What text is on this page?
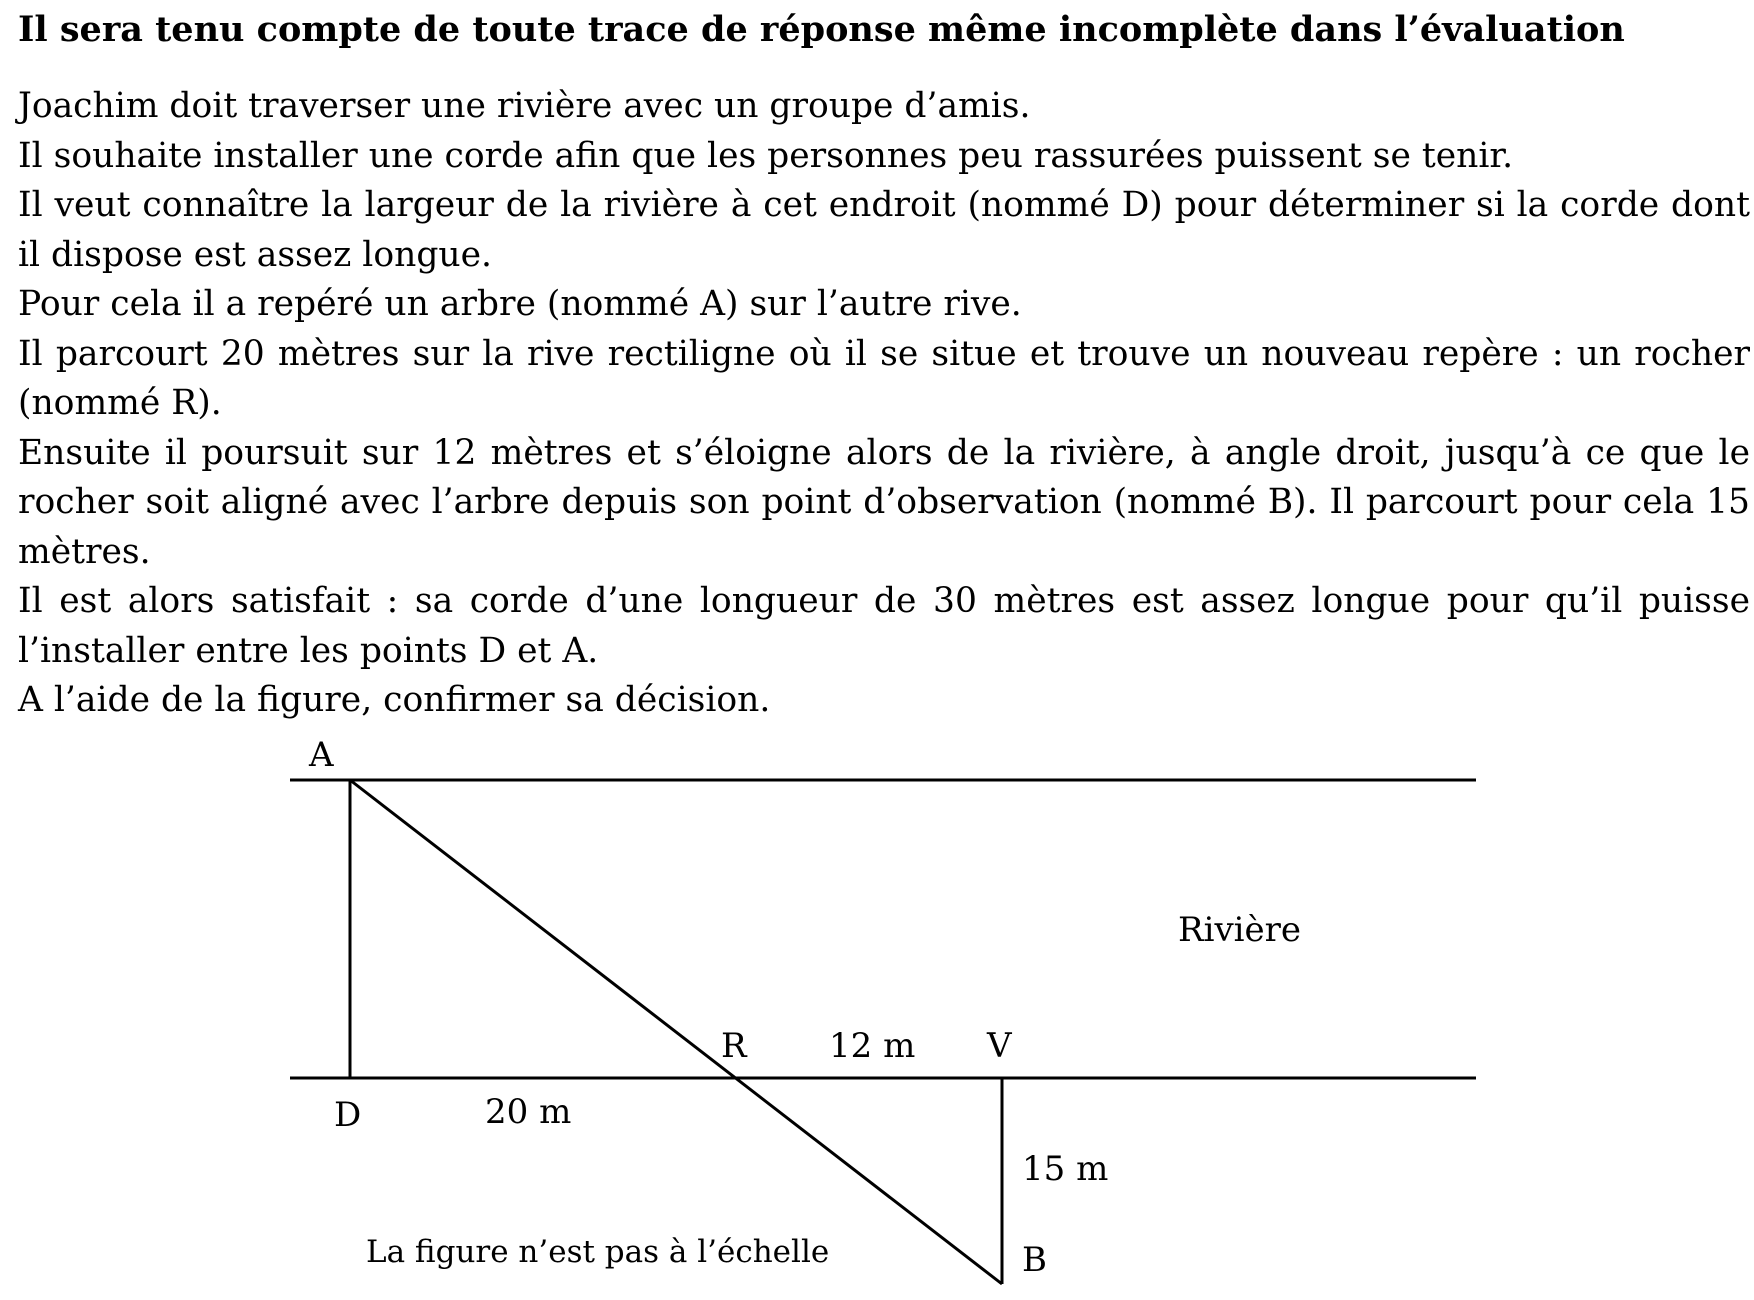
Il sera tenu compte de toute trace de réponse même incomplète dans l’évaluation

Joachim doit traverser une rivière avec un groupe d’amis.

Il souhaite installer une corde afin que les personnes peu rassurées puissent se tenir.

Il veut connaître la largeur de la rivière à cet endroit (nommé D) pour déterminer si la corde dont il dispose est assez longue.

Pour cela il a repéré un arbre (nommé A) sur l’autre rive.

Il parcourt 20 mètres sur la rive rectiligne où il se situe et trouve un nouveau repère : un rocher (nommé R).

Ensuite il poursuit sur 12 mètres et s’éloigne alors de la rivière, à angle droit, jusqu’à ce que le rocher soit aligné avec l’arbre depuis son point d’observation (nommé B). Il parcourt pour cela 15 mètres.

Il est alors satisfait : sa corde d’une longueur de 30 mètres est assez longue pour qu’il puisse l’installer entre les points D et A.

A l’aide de la figure, confirmer sa décision.

A
D
R	V
B
20 m
12 m
15 m
Rivière
La figure n’est pas à l’échelle
